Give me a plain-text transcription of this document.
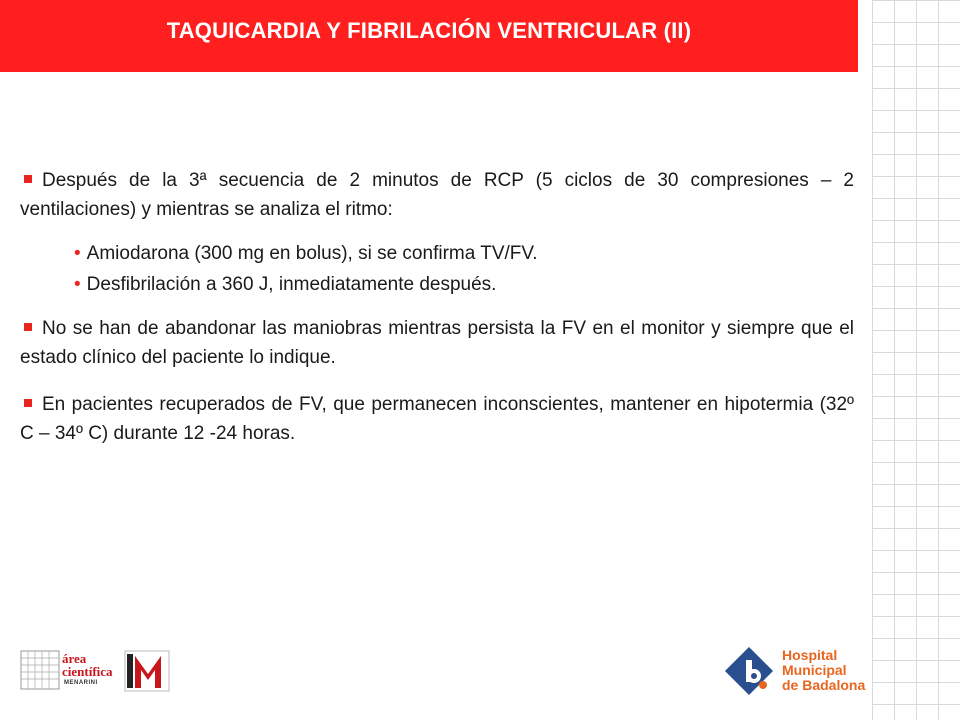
TAQUICARDIA Y FIBRILACIÓN VENTRICULAR (II)

Después de la 3ª secuencia de 2 minutos de RCP (5 ciclos de 30 compresiones – 2 ventilaciones) y mientras se analiza el ritmo:

• Amiodarona (300 mg en bolus), si se confirma TV/FV.
• Desfibrilación a 360 J, inmediatamente después.

No se han de abandonar las maniobras mientras persista la FV en el monitor y siempre que el estado clínico del paciente lo indique.

En pacientes recuperados de FV, que permanecen inconscientes, mantener en hipotermia (32º C – 34º C) durante 12 -24 horas.

área
científica
MENARINI
Hospital
Municipal
de Badalona
